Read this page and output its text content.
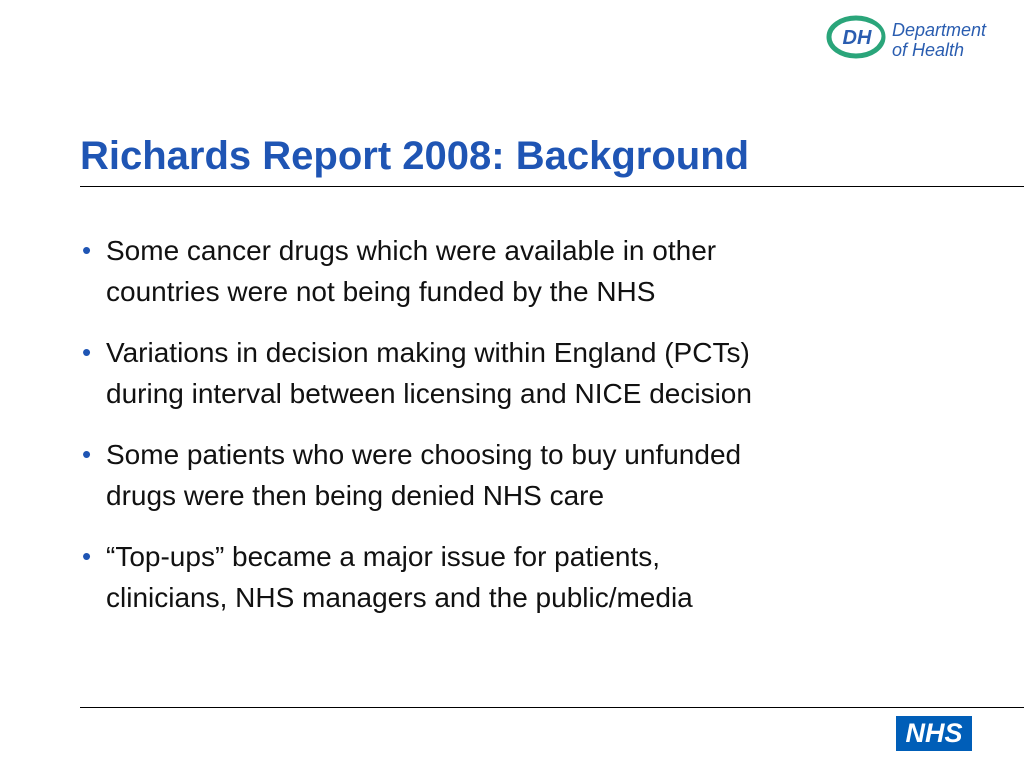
DH Department
of Health
Richards Report 2008: Background
• Some cancer drugs which were available in other
countries were not being funded by the NHS
• Variations in decision making within England (PCTs)
during interval between licensing and NICE decision
• Some patients who were choosing to buy unfunded
drugs were then being denied NHS care
• “Top-ups” became a major issue for patients,
clinicians, NHS managers and the public/media
NHS
